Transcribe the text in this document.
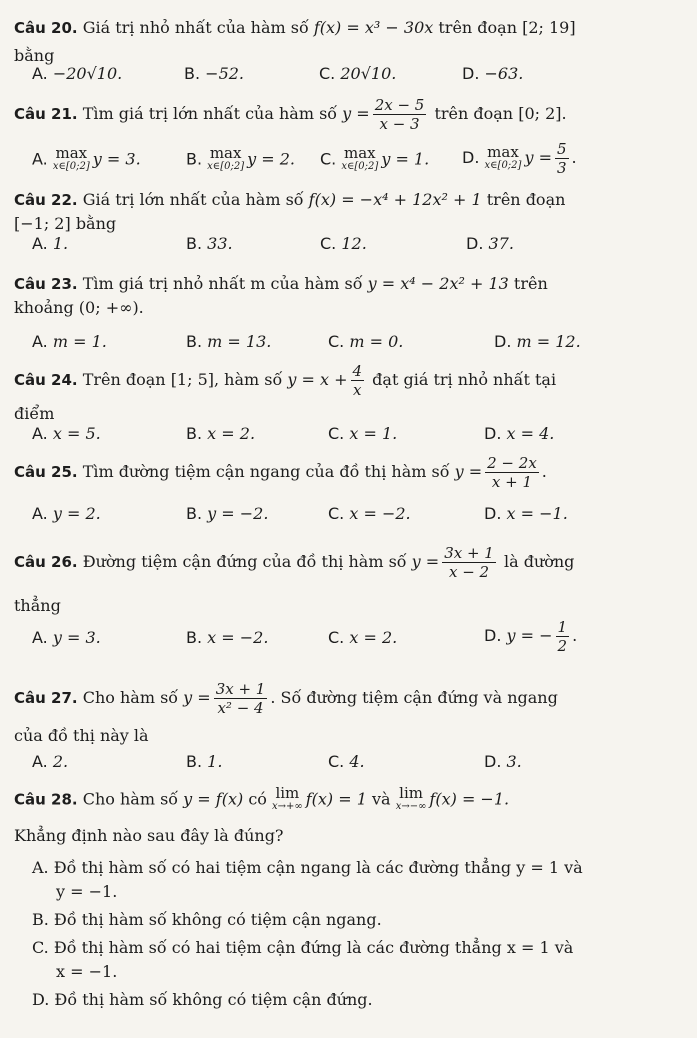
Câu 20. Giá trị nhỏ nhất của hàm số f(x) = x³ − 30x trên đoạn [2; 19]
bằng
A. −20√10.	B. −52.	C. 20√10.	D. −63.
Câu 21. Tìm giá trị lớn nhất của hàm số $y = \frac{2x - 5}{x - 3}$ trên đoạn [0; 2].
A. max
x∈[0;2] y = 3.	B. max
x∈[0;2] y = 2. C. max
x∈[0;2] y = 1. D. max
x∈[0;2] $y = \frac{5}{3}$ .
Câu 22. Giá trị lớn nhất của hàm số f(x) = −x⁴ + 12x² + 1 trên đoạn
[−1; 2] bằng
A. 1.	B. 33.	C. 12.	D. 37.
Câu 23. Tìm giá trị nhỏ nhất m của hàm số y = x⁴ − 2x² + 13 trên
khoảng (0; +∞).
A. m = 1.	B. m = 13.	C. m = 0.	D. m = 12.
Câu 24. Trên đoạn [1; 5], hàm số $y = x + \frac{4}{x}$ đạt giá trị nhỏ nhất tại
điểm
A. x = 5.	B. x = 2.	C. x = 1.	D. x = 4.
Câu 25. Tìm đường tiệm cận ngang của đồ thị hàm số $y = \frac{2 - 2x}{x + 1}$ .
A. y = 2.	B. y = −2.	C. x = −2.	D. x = −1.
Câu 26. Đường tiệm cận đứng của đồ thị hàm số $y = \frac{3x + 1}{x - 2}$ là đường
thẳng
A. y = 3.	B. x = −2.	C. x = 2.	D. y = − $\frac{1}{2}$ .
Câu 27. Cho hàm số $y = \frac{3x + 1}{\text{x² − 4}}$ . Số đường tiệm cận đứng và ngang
của đồ thị này là
A. 2.	B. 1.	C. 4.	D. 3.
Câu 28. Cho hàm số y = f(x) có lim
x→+∞ f(x) = 1 và lim
x→−∞ f(x) = −1.
Khẳng định nào sau đây là đúng?
A. Đồ thị hàm số có hai tiệm cận ngang là các đường thẳng y = 1 và
y = −1.
B. Đồ thị hàm số không có tiệm cận ngang.
C. Đồ thị hàm số có hai tiệm cận đứng là các đường thẳng x = 1 và
x = −1.
D. Đồ thị hàm số không có tiệm cận đứng.
